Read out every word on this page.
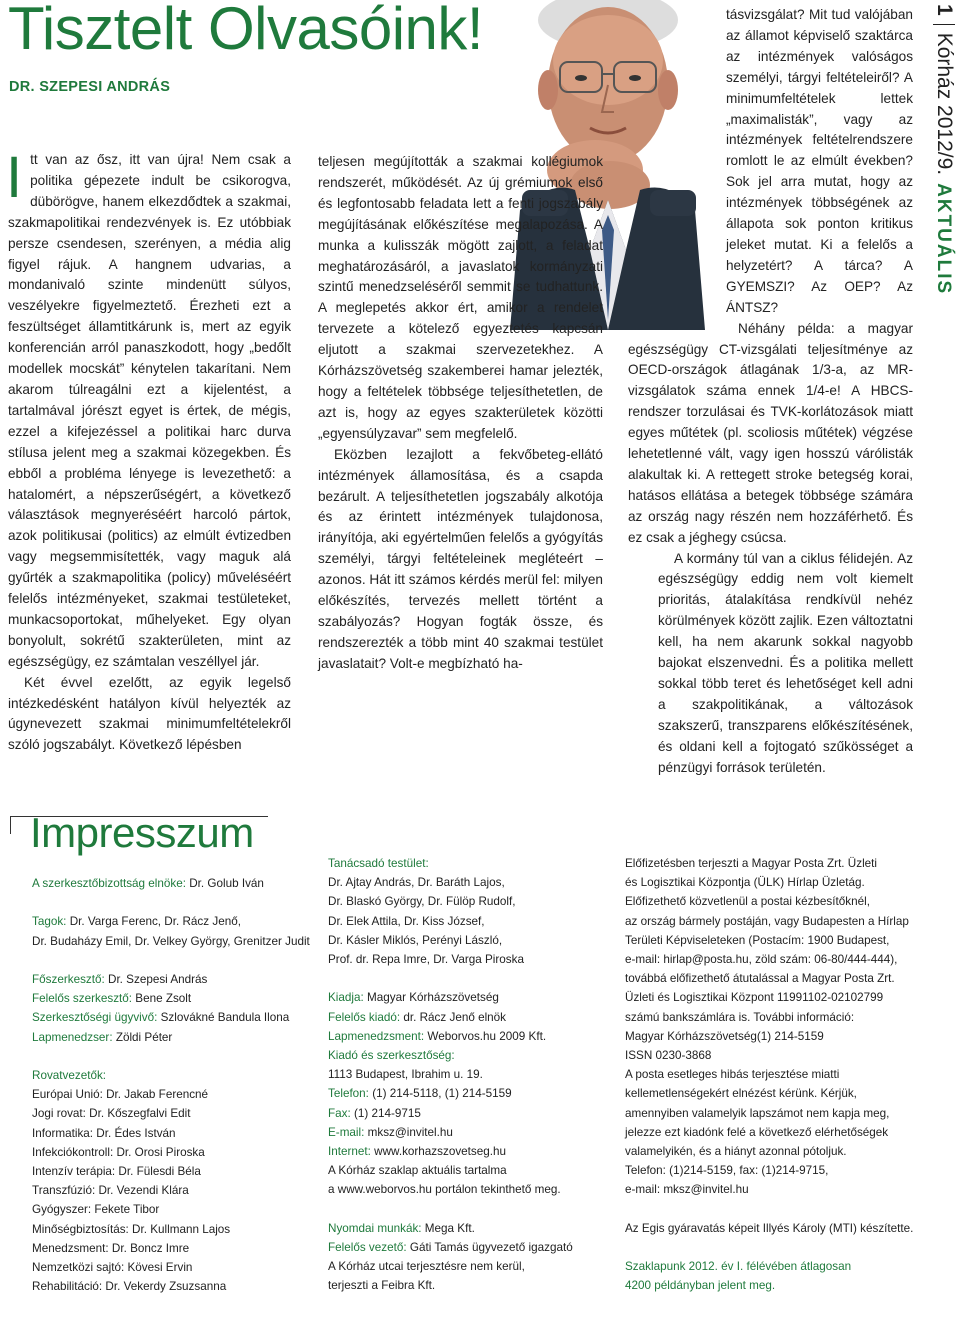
Tisztelt Olvasóink!
DR. SZEPESI ANDRÁS
1Kórház 2012/9.AKTUÁLIS

Itt van az ősz, itt van újra! Nem csak a politika gépezete indult be csikorogva, dübörögve, hanem elkezdődtek a szakmai, szakmapolitikai rendezvények is. Ez utóbbiak persze csendesen, szerényen, a média alig figyel rájuk. A hangnem udvarias, a mondanivaló szinte mindenütt súlyos, veszélyekre figyelmeztető. Érezheti ezt a feszültséget államtitkárunk is, mert az egyik konferencián arról panaszkodott, hogy „bedőlt modellek mocskát” kénytelen takarítani. Nem akarom túlreagálni ezt a kijelentést, a tartalmával jórészt egyet is értek, de mégis, ezzel a kifejezéssel a politikai harc durva stílusa jelent meg a szakmai közegekben. És ebből a probléma lényege is levezethető: a hatalomért, a népszerűségért, a következő választások megnyeréséért harcoló pártok, azok politikusai (politics) az elmúlt évtizedben vagy megsemmisítették, vagy maguk alá gyűrték a szakmapolitika (policy) műveléséért felelős intézményeket, szakmai testületeket, munkacsoportokat, műhelyeket. Egy olyan bonyolult, sokrétű szakterületen, mint az egészségügy, ez számtalan veszéllyel jár.

Két évvel ezelőtt, az egyik legelső intézkedésként hatályon kívül helyezték az úgynevezett szakmai minimumfeltételekről szóló jogszabályt. Következő lépésben

teljesen megújították a szakmai kollégiumok rendszerét, működését. Az új grémiumok első és legfontosabb feladata lett a fenti jogszabály megújításának előkészítése megalapozása. A munka a kulisszák mögött zajlott, a feladat meghatározásáról, a javaslatok kormányzati szintű menedzseléséről semmit se tudhattunk. A meglepetés akkor ért, amikor a rendelet tervezete a kötelező egyeztetés kapcsán eljutott a szakmai szervezetekhez. A Kórházszövetség szakemberei hamar jelezték, hogy a feltételek többsége teljesíthetetlen, de azt is, hogy az egyes szakterületek közötti „egyensúlyzavar” sem megfelelő.

Eközben lezajlott a fekvőbeteg-ellátó intézmények államosítása, és a csapda bezárult. A teljesíthetetlen jogszabály alkotója és az érintett intézmények tulajdonosa, irányítója, aki egyértelműen felelős a gyógyítás személyi, tárgyi feltételeinek megléteért – azonos. Hát itt számos kérdés merül fel: milyen előkészítés, tervezés mellett történt a szabályozás? Hogyan fogták össze, és rendszerezték a több mint 40 szakmai testület javaslatait? Volt-e megbízható ha-

tásvizsgálat? Mit tud valójában az államot képviselő szaktárca az intézmények valóságos személyi, tárgyi feltételeiről? A minimumfeltételek lettek „maximalisták”, vagy az intézmények feltételrendszere romlott le az elmúlt években? Sok jel arra mutat, hogy az intézmények többségének az állapota sok ponton kritikus jeleket mutat. Ki a felelős a helyzetért? A tárca? A GYEMSZI? Az OEP? Az ÁNTSZ?

Néhány példa: a magyar egészségügy CT-vizsgálati teljesítménye az OECD-országok átlagának 1/3-a, az MR-vizsgálatok száma ennek 1/4-e! A HBCS-rendszer torzulásai és TVK-korlátozások miatt egyes műtétek (pl. scoliosis műtétek) végzése lehetetlenné vált, vagy igen hosszú várólisták alakultak ki. A rettegett stroke betegség korai, hatásos ellátása a betegek többsége számára az ország nagy részén nem hozzáférhető. És ez csak a jéghegy csúcsa.

A kormány túl van a ciklus félidején. Az egészségügy eddig nem volt kiemelt prioritás, átalakítása rendkívül nehéz körülmények között zajlik. Ezen változtatni kell, ha nem akarunk sokkal nagyobb bajokat elszenvedni. És a politika mellett sokkal több teret és lehetőséget kell adni a szakpolitikának, a változások szakszerű, transzparens előkészítésének, és oldani kell a fojtogató szűkösséget a pénzügyi források területén.

Impresszum
A szerkesztőbizottság elnöke: Dr. Golub Iván
Tagok: Dr. Varga Ferenc, Dr. Rácz Jenő,
Dr. Budaházy Emil, Dr. Velkey György, Grenitzer Judit
Főszerkesztő: Dr. Szepesi András
Felelős szerkesztő: Bene Zsolt
Szerkesztőségi ügyvivő: Szlovákné Bandula Ilona
Lapmenedzser: Zöldi Péter
Rovatvezetők:
Európai Unió: Dr. Jakab Ferencné
Jogi rovat: Dr. Kőszegfalvi Edit
Informatika: Dr. Édes István
Infekciókontroll: Dr. Orosi Piroska
Intenzív terápia: Dr. Fülesdi Béla
Transzfúzió: Dr. Vezendi Klára
Gyógyszer: Fekete Tibor
Minőségbiztosítás: Dr. Kullmann Lajos
Menedzsment: Dr. Boncz Imre
Nemzetközi sajtó: Kövesi Ervin
Rehabilitáció: Dr. Vekerdy Zsuzsanna
Tanácsadó testület:
Dr. Ajtay András, Dr. Baráth Lajos,
Dr. Blaskó György, Dr. Fülöp Rudolf,
Dr. Elek Attila, Dr. Kiss József,
Dr. Kásler Miklós, Perényi László,
Prof. dr. Repa Imre, Dr. Varga Piroska
Kiadja: Magyar Kórházszövetség
Felelős kiadó: dr. Rácz Jenő elnök
Lapmenedzsment: Weborvos.hu 2009 Kft.
Kiadó és szerkesztőség:
1113 Budapest, Ibrahim u. 19.
Telefon: (1) 214-5118, (1) 214-5159
Fax: (1) 214-9715
E-mail: mksz@invitel.hu
Internet: www.korhazszovetseg.hu
A Kórház szaklap aktuális tartalma
a www.weborvos.hu portálon tekinthető meg.
Nyomdai munkák: Mega Kft.
Felelős vezető: Gáti Tamás ügyvezető igazgató
A Kórház utcai terjesztésre nem kerül,
terjeszti a Feibra Kft.
Előfizetésben terjeszti a Magyar Posta Zrt. Üzleti
és Logisztikai Központja (ÜLK) Hírlap Üzletág.
Előfizethető közvetlenül a postai kézbesítőknél,
az ország bármely postáján, vagy Budapesten a Hírlap
Területi Képviseleteken (Postacím: 1900 Budapest,
e-mail: hirlap@posta.hu, zöld szám: 06-80/444-444),
továbbá előfizethető átutalással a Magyar Posta Zrt.
Üzleti és Logisztikai Központ 11991102-02102799
számú bankszámlára is. További információ:
Magyar Kórházszövetség(1) 214-5159
ISSN 0230-3868
A posta esetleges hibás terjesztése miatti
kellemetlenségekért elnézést kérünk. Kérjük,
amennyiben valamelyik lapszámot nem kapja meg,
jelezze ezt kiadónk felé a következő elérhetőségek
valamelyikén, és a hiányt azonnal pótoljuk.
Telefon: (1)214-5159, fax: (1)214-9715,
e-mail: mksz@invitel.hu
Az Egis gyáravatás képeit Illyés Károly (MTI) készítette.
Szaklapunk 2012. év I. félévében átlagosan
4200 példányban jelent meg.
